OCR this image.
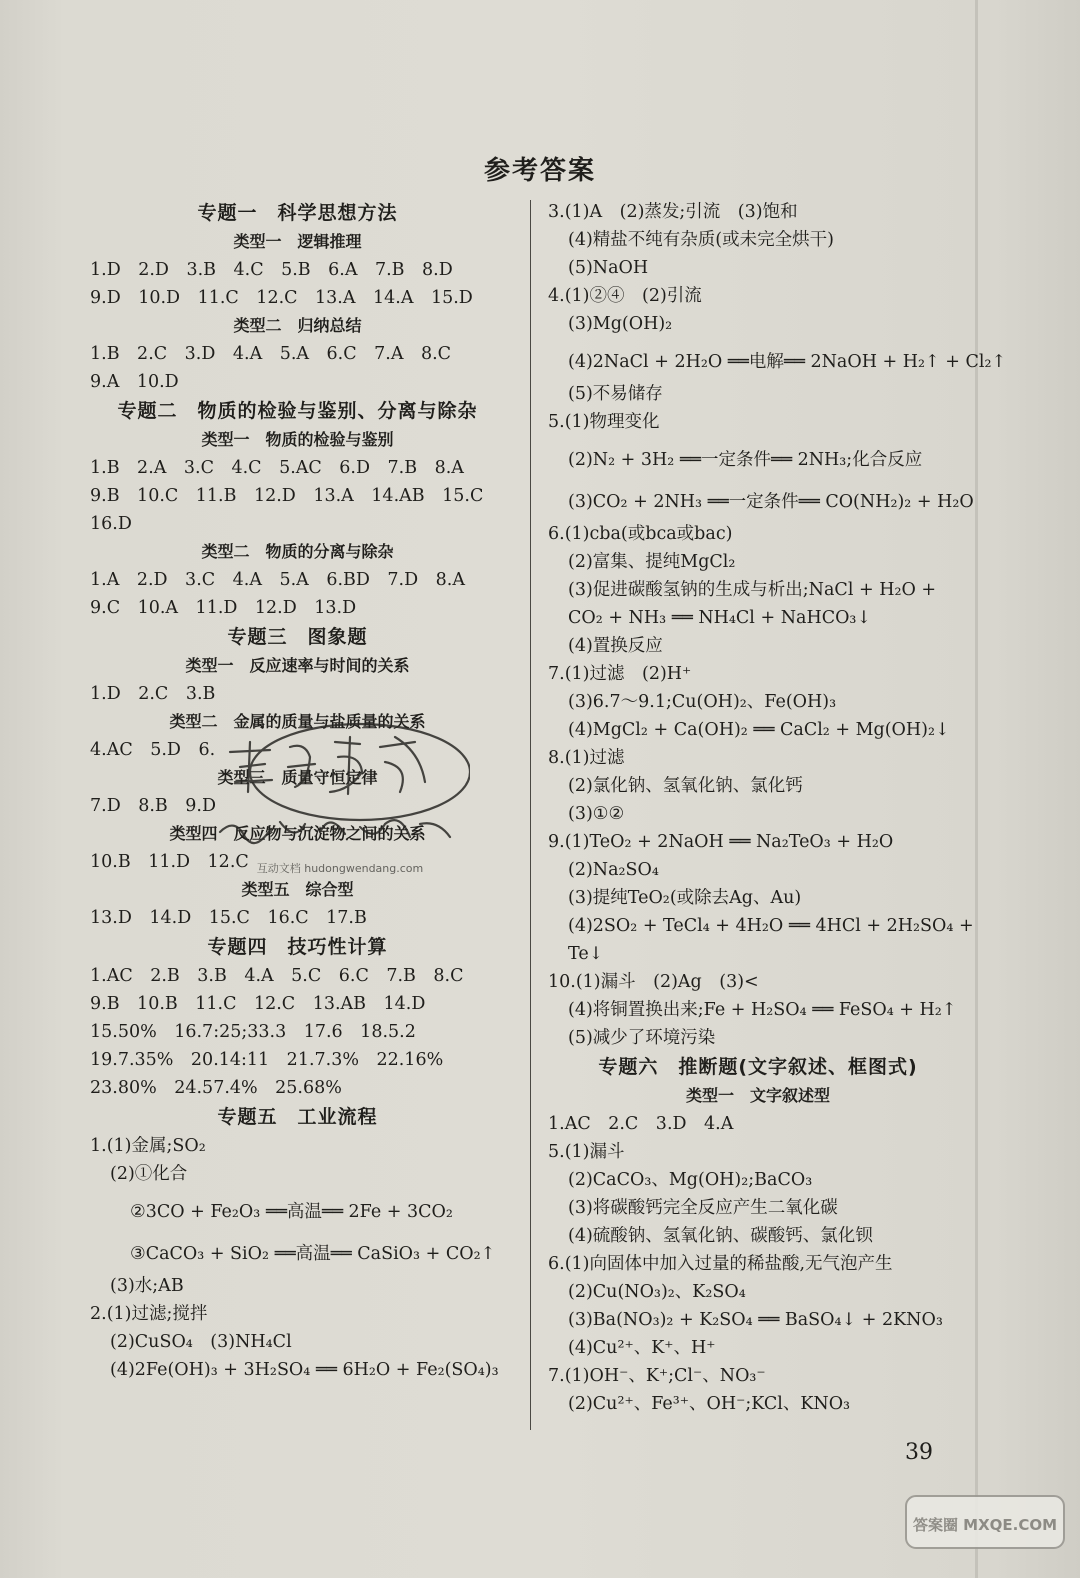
参考答案
专题一　科学思想方法
类型一　逻辑推理
1.D　2.D　3.B　4.C　5.B　6.A　7.B　8.D
9.D　10.D　11.C　12.C　13.A　14.A　15.D
类型二　归纳总结
1.B　2.C　3.D　4.A　5.A　6.C　7.A　8.C
9.A　10.D
专题二　物质的检验与鉴别、分离与除杂
类型一　物质的检验与鉴别
1.B　2.A　3.C　4.C　5.AC　6.D　7.B　8.A
9.B　10.C　11.B　12.D　13.A　14.AB　15.C
16.D
类型二　物质的分离与除杂
1.A　2.D　3.C　4.A　5.A　6.BD　7.D　8.A
9.C　10.A　11.D　12.D　13.D
专题三　图象题
类型一　反应速率与时间的关系
1.D　2.C　3.B
类型二　金属的质量与盐质量的关系
4.AC　5.D　6.
类型三　质量守恒定律
7.D　8.B　9.D
类型四　反应物与沉淀物之间的关系
10.B　11.D　12.C
类型五　综合型
13.D　14.D　15.C　16.C　17.B
专题四　技巧性计算
1.AC　2.B　3.B　4.A　5.C　6.C　7.B　8.C
9.B　10.B　11.C　12.C　13.AB　14.D
15.50%　16.7:25;33.3　17.6　18.5.2
19.7.35%　20.14:11　21.7.3%　22.16%
23.80%　24.57.4%　25.68%
专题五　工业流程
1.(1)金属;SO₂
(2)①化合
②3CO + Fe₂O₃ ══高温══ 2Fe + 3CO₂
③CaCO₃ + SiO₂ ══高温══ CaSiO₃ + CO₂↑
(3)水;AB
2.(1)过滤;搅拌
(2)CuSO₄　(3)NH₄Cl
(4)2Fe(OH)₃ + 3H₂SO₄ ══ 6H₂O + Fe₂(SO₄)₃
3.(1)A　(2)蒸发;引流　(3)饱和
(4)精盐不纯有杂质(或未完全烘干)
(5)NaOH
4.(1)②④　(2)引流
(3)Mg(OH)₂
(4)2NaCl + 2H₂O ══电解══ 2NaOH + H₂↑ + Cl₂↑
(5)不易储存
5.(1)物理变化
(2)N₂ + 3H₂ ══一定条件══ 2NH₃;化合反应
(3)CO₂ + 2NH₃ ══一定条件══ CO(NH₂)₂ + H₂O
6.(1)cba(或bca或bac)
(2)富集、提纯MgCl₂
(3)促进碳酸氢钠的生成与析出;NaCl + H₂O +
CO₂ + NH₃ ══ NH₄Cl + NaHCO₃↓
(4)置换反应
7.(1)过滤　(2)H⁺
(3)6.7～9.1;Cu(OH)₂、Fe(OH)₃
(4)MgCl₂ + Ca(OH)₂ ══ CaCl₂ + Mg(OH)₂↓
8.(1)过滤
(2)氯化钠、氢氧化钠、氯化钙
(3)①②
9.(1)TeO₂ + 2NaOH ══ Na₂TeO₃ + H₂O
(2)Na₂SO₄
(3)提纯TeO₂(或除去Ag、Au)
(4)2SO₂ + TeCl₄ + 4H₂O ══ 4HCl + 2H₂SO₄ +
Te↓
10.(1)漏斗　(2)Ag　(3)<
(4)将铜置换出来;Fe + H₂SO₄ ══ FeSO₄ + H₂↑
(5)减少了环境污染
专题六　推断题(文字叙述、框图式)
类型一　文字叙述型
1.AC　2.C　3.D　4.A
5.(1)漏斗
(2)CaCO₃、Mg(OH)₂;BaCO₃
(3)将碳酸钙完全反应产生二氧化碳
(4)硫酸钠、氢氧化钠、碳酸钙、氯化钡
6.(1)向固体中加入过量的稀盐酸,无气泡产生
(2)Cu(NO₃)₂、K₂SO₄
(3)Ba(NO₃)₂ + K₂SO₄ ══ BaSO₄↓ + 2KNO₃
(4)Cu²⁺、K⁺、H⁺
7.(1)OH⁻、K⁺;Cl⁻、NO₃⁻
(2)Cu²⁺、Fe³⁺、OH⁻;KCl、KNO₃
互动文档 hudongwendang.com
39
答案圈 MXQE.COM
